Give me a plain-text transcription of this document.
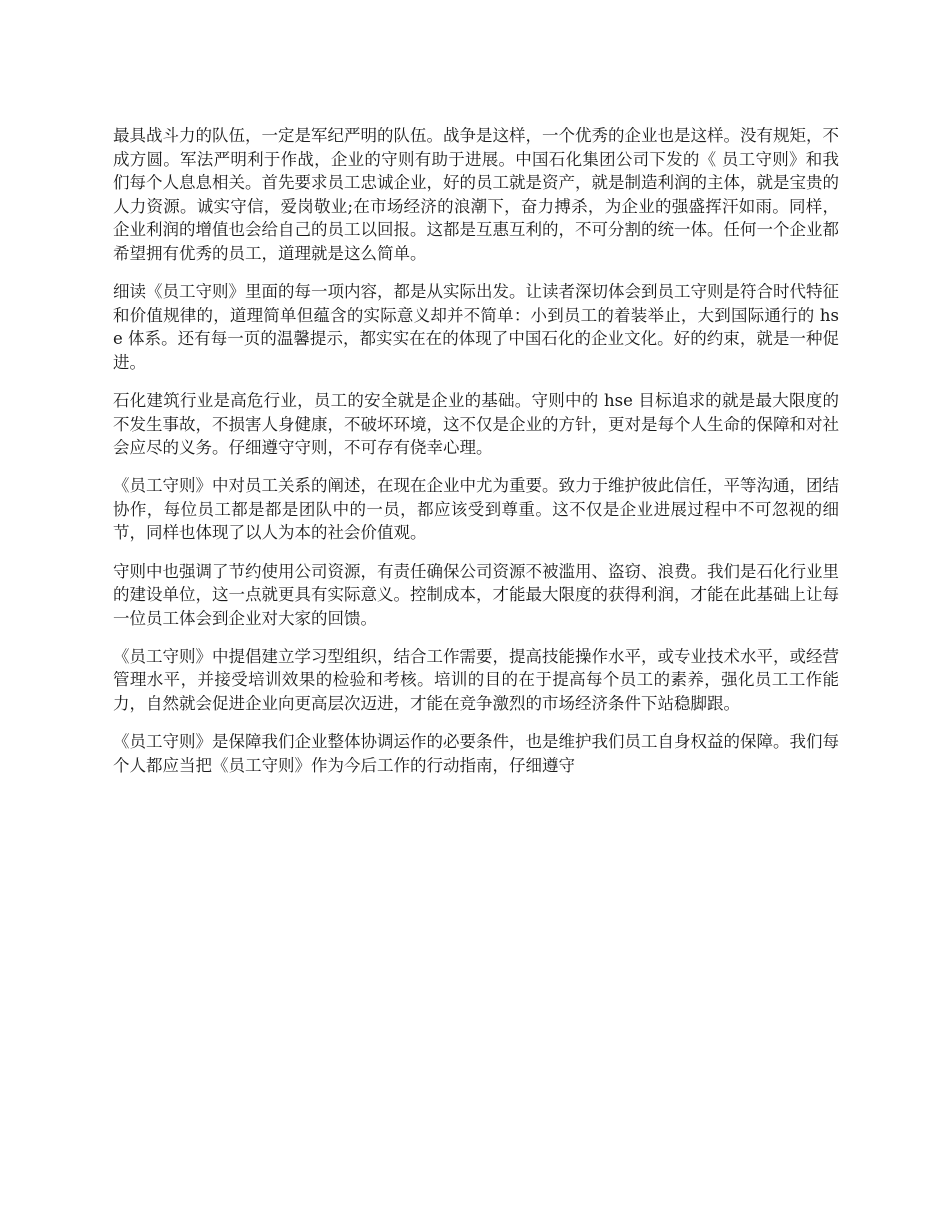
最具战斗力的队伍，一定是军纪严明的队伍。战争是这样，一个优秀的企业也是这样。没有规矩，不成方圆。军法严明利于作战，企业的守则有助于进展。中国石化集团公司下发的《 员工守则》和我们每个人息息相关。首先要求员工忠诚企业，好的员工就是资产，就是制造利润的主体，就是宝贵的人力资源。诚实守信，爱岗敬业;在市场经济的浪潮下，奋力搏杀，为企业的强盛挥汗如雨。同样，企业利润的增值也会给自己的员工以回报。这都是互惠互利的，不可分割的统一体。任何一个企业都希望拥有优秀的员工，道理就是这么简单。

细读《员工守则》里面的每一项内容，都是从实际出发。让读者深切体会到员工守则是符合时代特征和价值规律的，道理简单但蕴含的实际意义却并不简单：小到员工的着装举止，大到国际通行的 hse 体系。还有每一页的温馨提示，都实实在在的体现了中国石化的企业文化。好的约束，就是一种促进。

石化建筑行业是高危行业，员工的安全就是企业的基础。守则中的 hse 目标追求的就是最大限度的不发生事故，不损害人身健康，不破坏环境，这不仅是企业的方针，更对是每个人生命的保障和对社会应尽的义务。仔细遵守守则，不可存有侥幸心理。

《员工守则》中对员工关系的阐述，在现在企业中尤为重要。致力于维护彼此信任，平等沟通，团结协作，每位员工都是都是团队中的一员，都应该受到尊重。这不仅是企业进展过程中不可忽视的细节，同样也体现了以人为本的社会价值观。

守则中也强调了节约使用公司资源，有责任确保公司资源不被滥用、盗窃、浪费。我们是石化行业里的建设单位，这一点就更具有实际意义。控制成本，才能最大限度的获得利润，才能在此基础上让每一位员工体会到企业对大家的回馈。

《员工守则》中提倡建立学习型组织，结合工作需要，提高技能操作水平，或专业技术水平，或经营管理水平，并接受培训效果的检验和考核。培训的目的在于提高每个员工的素养，强化员工工作能力，自然就会促进企业向更高层次迈进，才能在竞争激烈的市场经济条件下站稳脚跟。

《员工守则》是保障我们企业整体协调运作的必要条件，也是维护我们员工自身权益的保障。我们每个人都应当把《员工守则》作为今后工作的行动指南，仔细遵守
